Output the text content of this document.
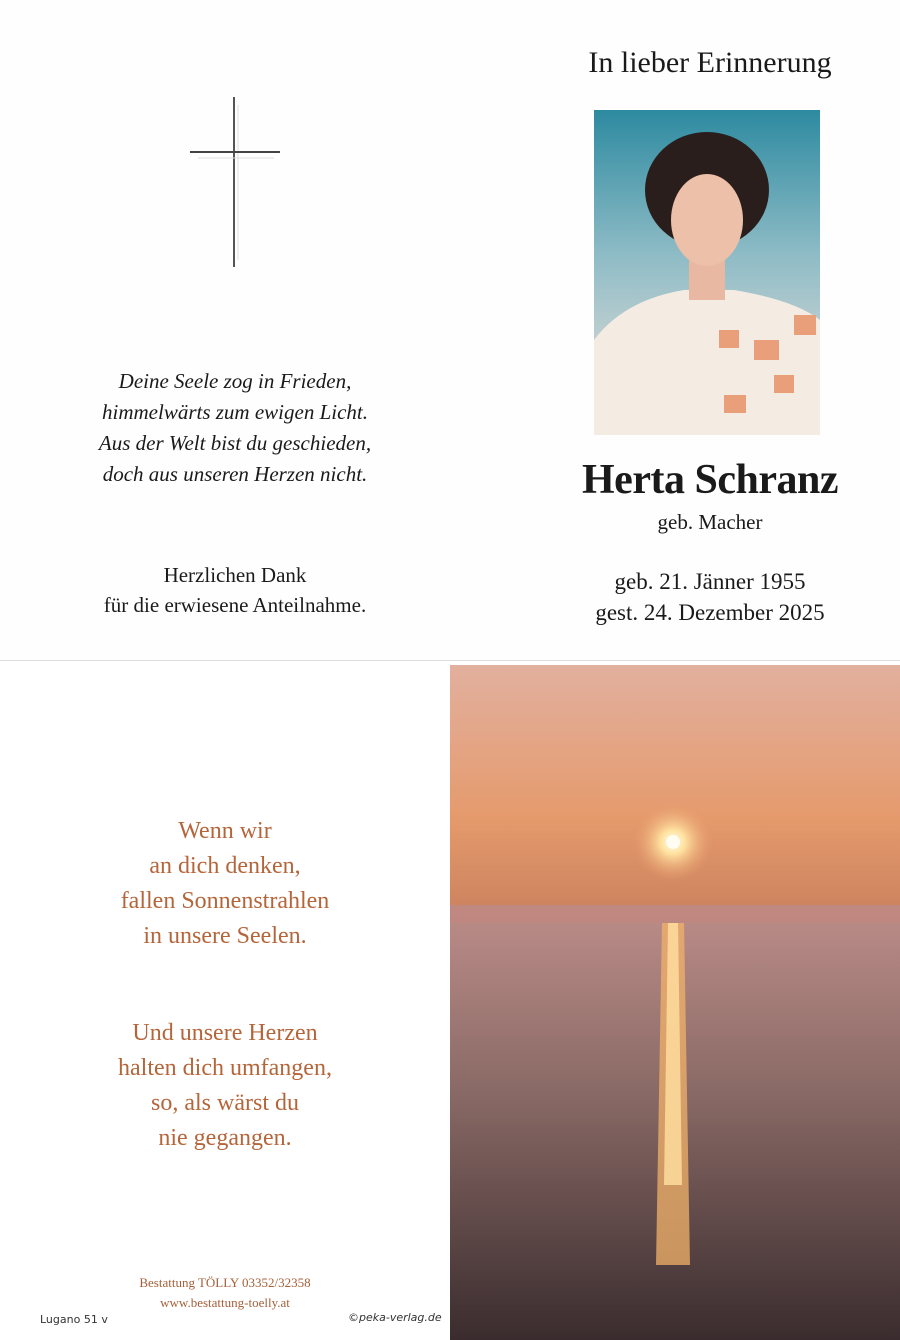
Deine Seele zog in Frieden,
himmelwärts zum ewigen Licht.
Aus der Welt bist du geschieden,
doch aus unseren Herzen nicht.
Herzlichen Dank
für die erwiesene Anteilnahme.
In lieber Erinnerung
Herta Schranz
geb. Macher
geb. 21. Jänner 1955
gest. 24. Dezember 2025
Wenn wir
an dich denken,
fallen Sonnenstrahlen
in unsere Seelen.
Und unsere Herzen
halten dich umfangen,
so, als wärst du
nie gegangen.
Bestattung TÖLLY 03352/32358
www.bestattung-toelly.at
Lugano 51 v	©peka-verlag.de
